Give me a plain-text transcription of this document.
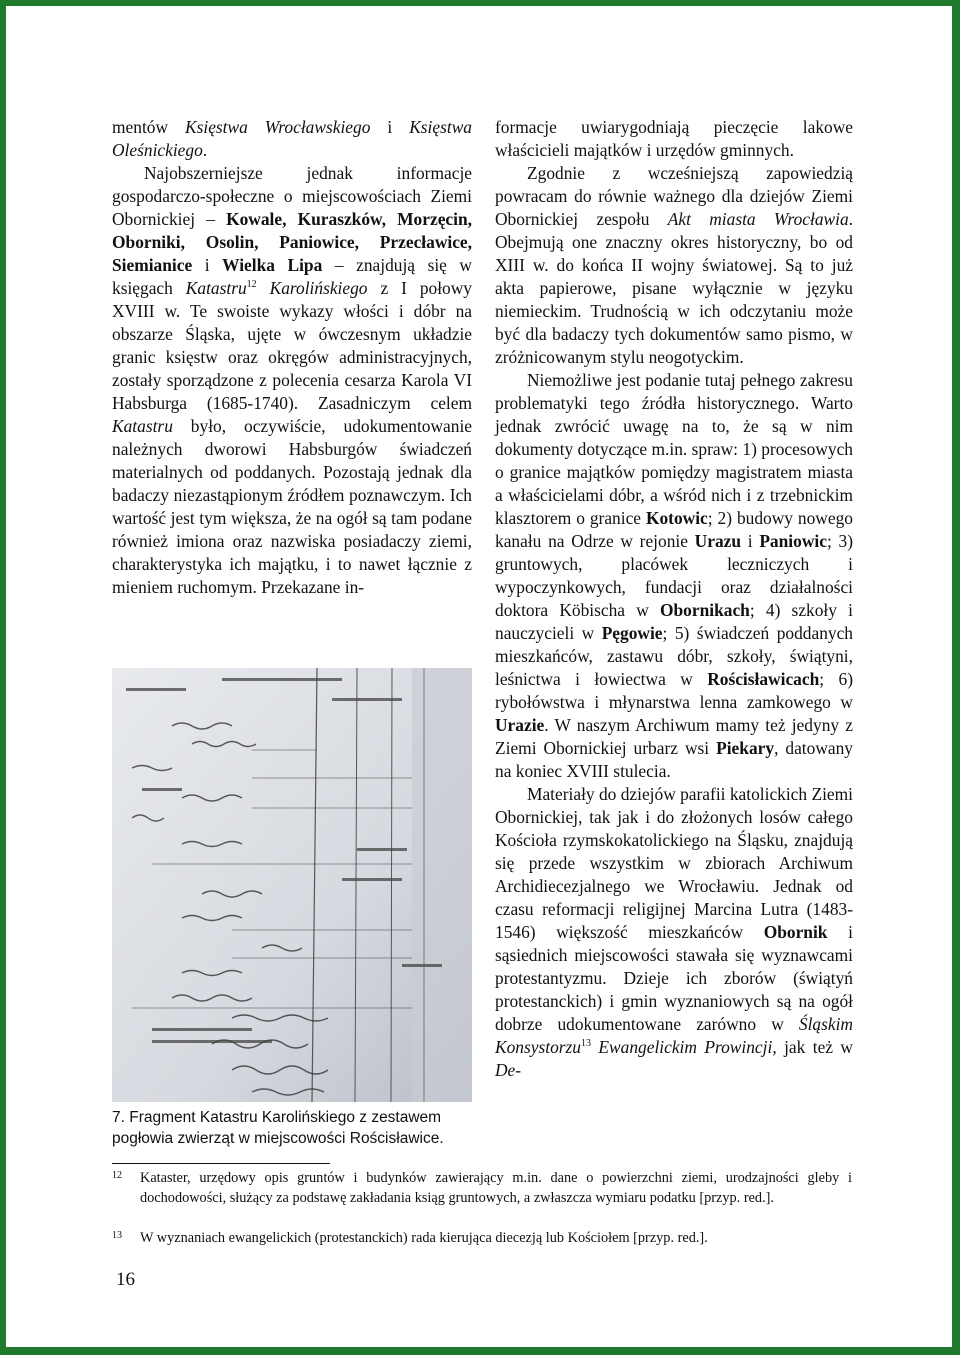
mentów Księstwa Wrocławskiego i Księstwa Oleśnickiego.

Najobszerniejsze jednak informacje gospodarczo-społeczne o miejscowościach Ziemi Obornickiej – Kowale, Kuraszków, Morzęcin, Oborniki, Osolin, Paniowice, Przecławice, Siemianice i Wielka Lipa – znajdują się w księgach Katastru$^{12}$ Karolińskiego z I połowy XVIII w. Te swoiste wykazy włości i dóbr na obszarze Śląska, ujęte w ówczesnym układzie granic księstw oraz okręgów administracyjnych, zostały sporządzone z polecenia cesarza Karola VI Habsburga (1685-1740). Zasadniczym celem Katastru było, oczywiście, udokumentowanie należnych dworowi Habsburgów świadczeń materialnych od poddanych. Pozostają jednak dla badaczy niezastąpionym źródłem poznawczym. Ich wartość jest tym większa, że na ogół są tam podane również imiona oraz nazwiska posiadaczy ziemi, charakterystyka ich majątku, i to nawet łącznie z mieniem ruchomym. Przekazane in-

7. Fragment Katastru Karolińskiego z zestawem pogłowia zwierząt w miejscowości Rościsławice.

formacje uwiarygodniają pieczęcie lakowe właścicieli majątków i urzędów gminnych.

Zgodnie z wcześniejszą zapowiedzią powracam do równie ważnego dla dziejów Ziemi Obornickiej zespołu Akt miasta Wrocławia. Obejmują one znaczny okres historyczny, bo od XIII w. do końca II wojny światowej. Są to już akta papierowe, pisane wyłącznie w języku niemieckim. Trudnością w ich odczytaniu może być dla badaczy tych dokumentów samo pismo, w zróżnicowanym stylu neogotyckim.

Niemożliwe jest podanie tutaj pełnego zakresu problematyki tego źródła historycznego. Warto jednak zwrócić uwagę na to, że są w nim dokumenty dotyczące m.in. spraw: 1) procesowych o granice majątków pomiędzy magistratem miasta a właścicielami dóbr, a wśród nich i z trzebnickim klasztorem o granice Kotowic; 2) budowy nowego kanału na Odrze w rejonie Urazu i Paniowic; 3) gruntowych, placówek leczniczych i wypoczynkowych, fundacji oraz działalności doktora Köbischa w Obornikach; 4) szkoły i nauczycieli w Pęgowie; 5) świadczeń poddanych mieszkańców, zastawu dóbr, szkoły, świątyni, leśnictwa i łowiectwa w Rościsławicach; 6) rybołówstwa i młynarstwa lenna zamkowego w Urazie. W naszym Archiwum mamy też jedyny z Ziemi Obornickiej urbarz wsi Piekary, datowany na koniec XVIII stulecia.

Materiały do dziejów parafii katolickich Ziemi Obornickiej, tak jak i do złożonych losów całego Kościoła rzymskokatolickiego na Śląsku, znajdują się przede wszystkim w zbiorach Archiwum Archidiecezjalnego we Wrocławiu. Jednak od czasu reformacji religijnej Marcina Lutra (1483-1546) większość mieszkańców Obornik i sąsiednich miejscowości stawała się wyznawcami protestantyzmu. Dzieje ich zborów (świątyń protestanckich) i gmin wyznaniowych są na ogół dobrze udokumentowane zarówno w Śląskim Konsystorzu$^{13}$ Ewangelickim Prowincji, jak też w De-

12 Kataster, urzędowy opis gruntów i budynków zawierający m.in. dane o powierzchni ziemi, urodzajności gleby i dochodowości, służący za podstawę zakładania ksiąg gruntowych, a zwłaszcza wymiaru podatku [przyp. red.].
13 W wyznaniach ewangelickich (protestanckich) rada kierująca diecezją lub Kościołem [przyp. red.].
16
